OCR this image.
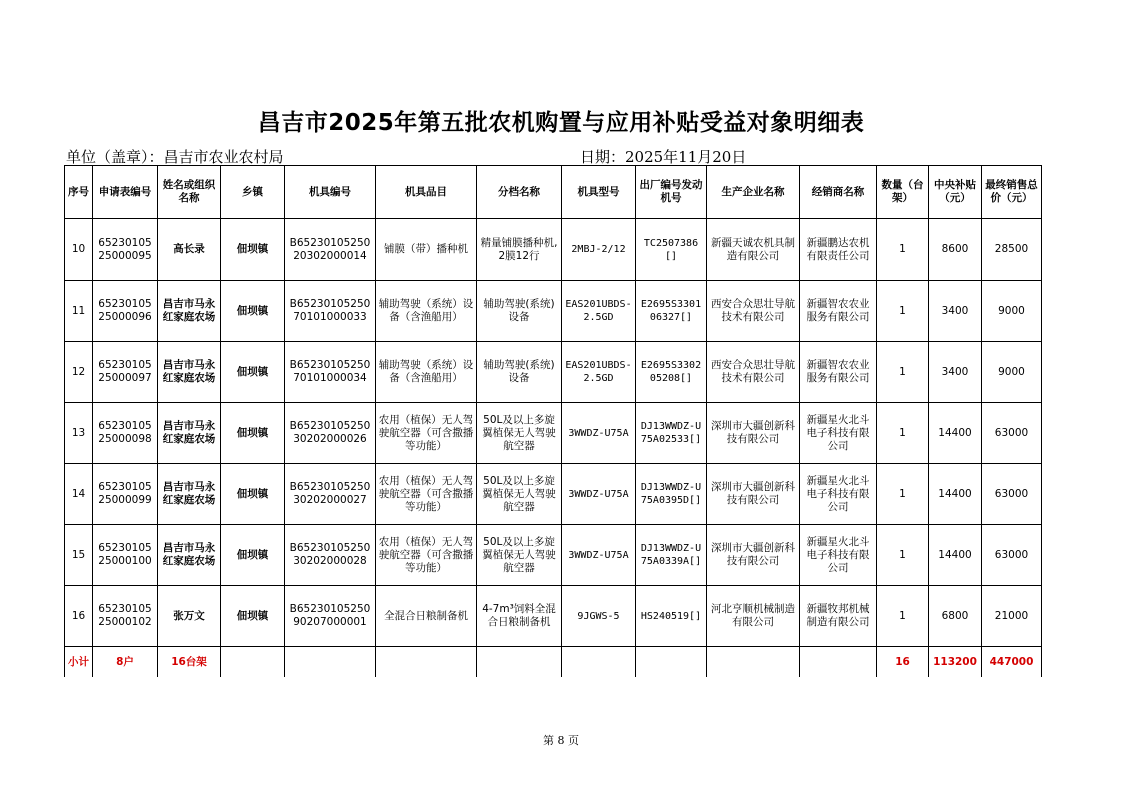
昌吉市2025年第五批农机购置与应用补贴受益对象明细表
单位（盖章）：昌吉市农业农村局	日期：2025年11月20日
序号	申请表编号	姓名或组织名称	乡镇	机具编号	机具品目	分档名称	机具型号	出厂编号发动机号	生产企业名称	经销商名称	数量（台架）	中央补贴（元）	最终销售总价（元）
10	6523010525000095	高长录	佃坝镇	B6523010525020302000014	铺膜（带）播种机	精量铺膜播种机,2膜12行	2MBJ-2/12	TC2507386[]	新疆天诚农机具制造有限公司	新疆鹏达农机有限责任公司	1	8600	28500
11	6523010525000096	昌吉市马永红家庭农场	佃坝镇	B6523010525070101000033	辅助驾驶（系统）设备（含渔船用）	辅助驾驶(系统)设备	EAS201UBDS-2.5GD	E2695S330106327[]	西安合众思壮导航技术有限公司	新疆智农农业服务有限公司	1	3400	9000
12	6523010525000097	昌吉市马永红家庭农场	佃坝镇	B6523010525070101000034	辅助驾驶（系统）设备（含渔船用）	辅助驾驶(系统)设备	EAS201UBDS-2.5GD	E2695S330205208[]	西安合众思壮导航技术有限公司	新疆智农农业服务有限公司	1	3400	9000
13	6523010525000098	昌吉市马永红家庭农场	佃坝镇	B6523010525030202000026	农用（植保）无人驾驶航空器（可含撒播等功能）	50L及以上多旋翼植保无人驾驶航空器	3WWDZ-U75A	DJ13WWDZ-U75A02533[]	深圳市大疆创新科技有限公司	新疆星火北斗电子科技有限公司	1	14400	63000
14	6523010525000099	昌吉市马永红家庭农场	佃坝镇	B6523010525030202000027	农用（植保）无人驾驶航空器（可含撒播等功能）	50L及以上多旋翼植保无人驾驶航空器	3WWDZ-U75A	DJ13WWDZ-U75A0395D[]	深圳市大疆创新科技有限公司	新疆星火北斗电子科技有限公司	1	14400	63000
15	6523010525000100	昌吉市马永红家庭农场	佃坝镇	B6523010525030202000028	农用（植保）无人驾驶航空器（可含撒播等功能）	50L及以上多旋翼植保无人驾驶航空器	3WWDZ-U75A	DJ13WWDZ-U75A0339A[]	深圳市大疆创新科技有限公司	新疆星火北斗电子科技有限公司	1	14400	63000
16	6523010525000102	张万文	佃坝镇	B6523010525090207000001	全混合日粮制备机	4-7m³饲料全混合日粮制备机	9JGWS-5	HS240519[]	河北亨顺机械制造有限公司	新疆牧邦机械制造有限公司	1	6800	21000
小计	8户	16台架									16	113200	447000
第 8 页
